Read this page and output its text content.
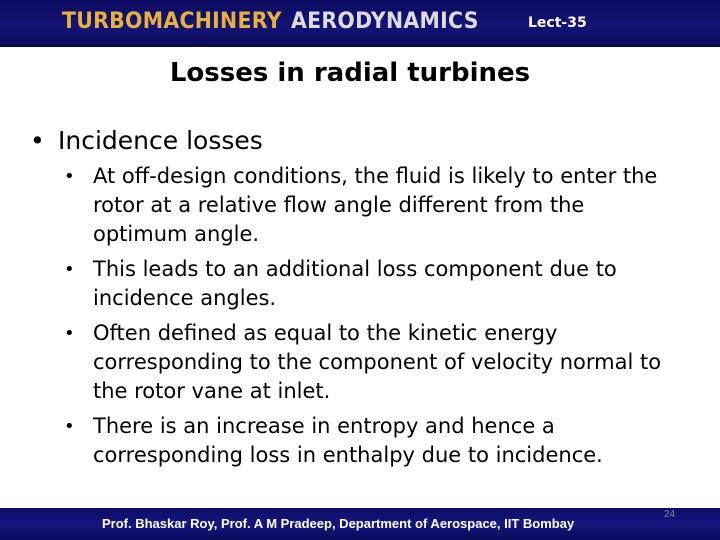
TURBOMACHINERY AERODYNAMICS	Lect-35
Losses in radial turbines
• Incidence losses
• At off-design conditions, the fluid is likely to enter the rotor at a relative flow angle different from the optimum angle.
• This leads to an additional loss component due to incidence angles.
• Often defined as equal to the kinetic energy corresponding to the component of velocity normal to the rotor vane at inlet.
• There is an increase in entropy and hence a corresponding loss in enthalpy due to incidence.
Prof. Bhaskar Roy, Prof. A M Pradeep, Department of Aerospace, IIT Bombay
24
